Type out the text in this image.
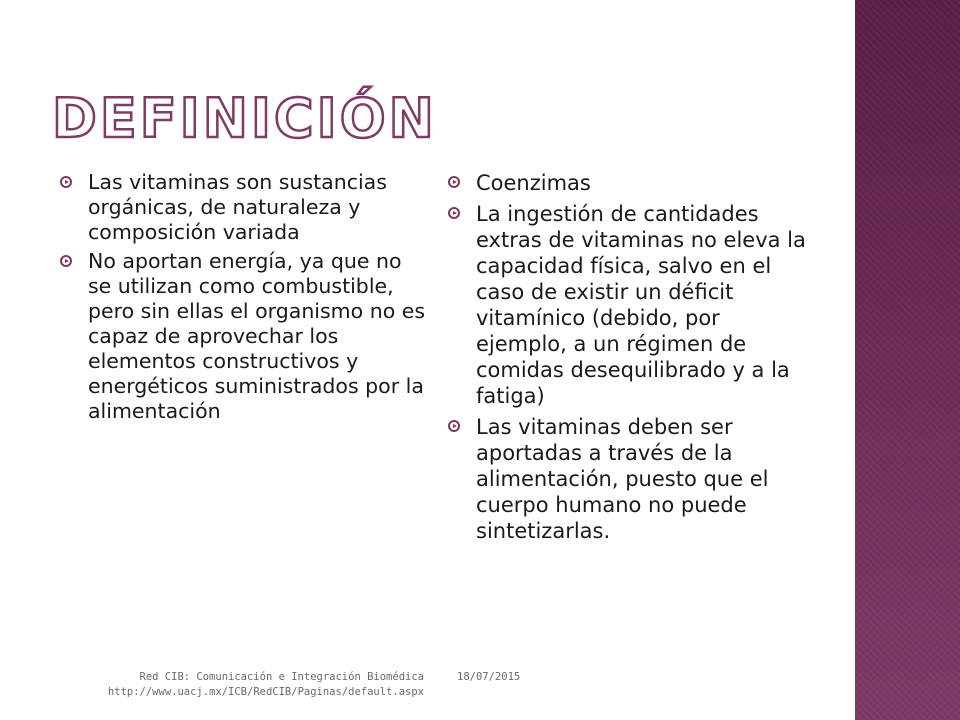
DEFINICIÓN
Las vitaminas son sustancias orgánicas, de naturaleza y composición variada
No aportan energía, ya que no se utilizan como combustible, pero sin ellas el organismo no es capaz de aprovechar los elementos constructivos y energéticos suministrados por la alimentación
Coenzimas
La ingestión de cantidades extras de vitaminas no eleva la capacidad física, salvo en el caso de existir un déficit vitamínico (debido, por ejemplo, a un régimen de comidas desequilibrado y a la fatiga)
Las vitaminas deben ser aportadas a través de la alimentación, puesto que el cuerpo humano no puede sintetizarlas.
Red CIB: Comunicación e Integración Biomédica
http://www.uacj.mx/ICB/RedCIB/Paginas/default.aspx
18/07/2015
